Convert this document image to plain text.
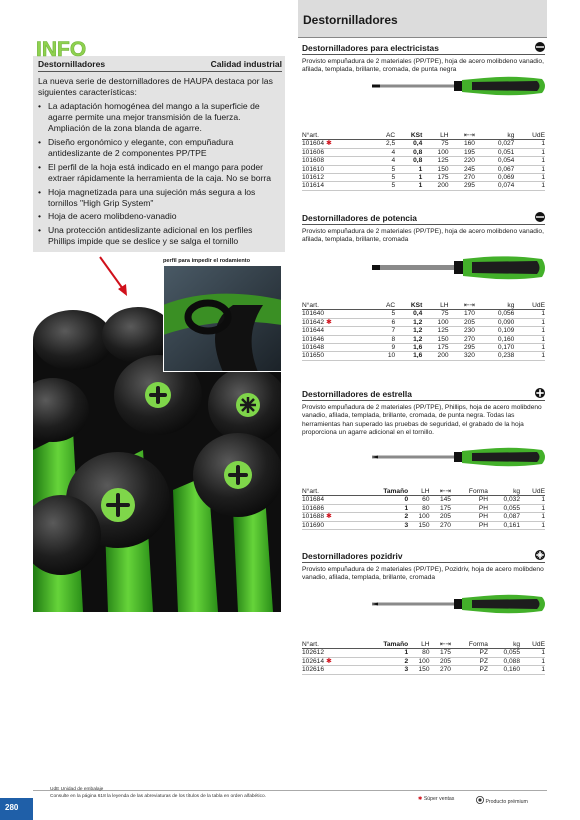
INFO
Destornilladores	Calidad industrial

La nueva serie de destornilladores de HAUPA destaca por las siguientes características:

• La adaptación homogénea del mango a la superficie de agarre permite una mejor transmisión de la fuerza. Ampliación de la zona blanda de agarre.
• Diseño ergonómico y elegante, con empuñadura antideslizante de 2 componentes PP/TPE
• El perfil de la hoja está indicado en el mango para poder extraer rápidamente la herramienta de la caja. No se borra
• Hoja magnetizada para una sujeción más segura a los tornillos "High Grip System"
• Hoja de acero molibdeno-vanadio
• Una protección antideslizante adicional en los perfiles Phillips impide que se deslice y se salga el tornillo
perfil para impedir el rodamiento
Destornilladores
Destornilladores para electricistas

Provisto empuñadura de 2 materiales (PP/TPE), hoja de acero molibdeno vanadio, afilada, templada, brillante, cromada, de punta negra

N°art.	AC	KSt	LH	⇤⇥	kg	UdE
101604 ✱	2,5	0,4	75	160	0,027	1
101606	4	0,8	100	195	0,051	1
101608	4	0,8	125	220	0,054	1
101610	5	1	150	245	0,067	1
101612	5	1	175	270	0,069	1
101614	5	1	200	295	0,074	1
Destornilladores de potencia

Provisto empuñadura de 2 materiales (PP/TPE), hoja de acero molibdeno vanadio, afilada, templada, brillante, cromada

N°art.	AC	KSt	LH	⇤⇥	kg	UdE
101640	5	0,4	75	170	0,056	1
101642 ✱	6	1,2	100	205	0,090	1
101644	7	1,2	125	230	0,109	1
101646	8	1,2	150	270	0,160	1
101648	9	1,6	175	295	0,170	1
101650	10	1,6	200	320	0,238	1
Destornilladores de estrella

Provisto empuñadura de 2 materiales (PP/TPE), Phillips, hoja de acero molibdeno vanadio, afilada, templada, brillante, cromada, de punta negra. Todas las herramientas han superado las pruebas de seguridad, el grabado de la hoja proporciona un agarre adicional en el tornillo.

N°art.	Tamaño	LH	⇤⇥	Forma	kg	UdE
101684	0	60	145	PH	0,032	1
101686	1	80	175	PH	0,055	1
101688 ✱	2	100	205	PH	0,087	1
101690	3	150	270	PH	0,161	1
Destornilladores pozidriv

Provisto empuñadura de 2 materiales (PP/TPE), Pozidriv, hoja de acero molibdeno vanadio, afilada, templada, brillante, cromada

N°art.	Tamaño	LH	⇤⇥	Forma	kg	UdE
102612	1	80	175	PZ	0,055	1
102614 ✱	2	100	205	PZ	0,088	1
102616	3	150	270	PZ	0,160	1
UdE Unidad de embalaje
Consulte en la página 618 la leyenda de las abreviaturas de los títulos de la tabla en orden alfabético.	✱ Súper ventas	Producto prémium
280
